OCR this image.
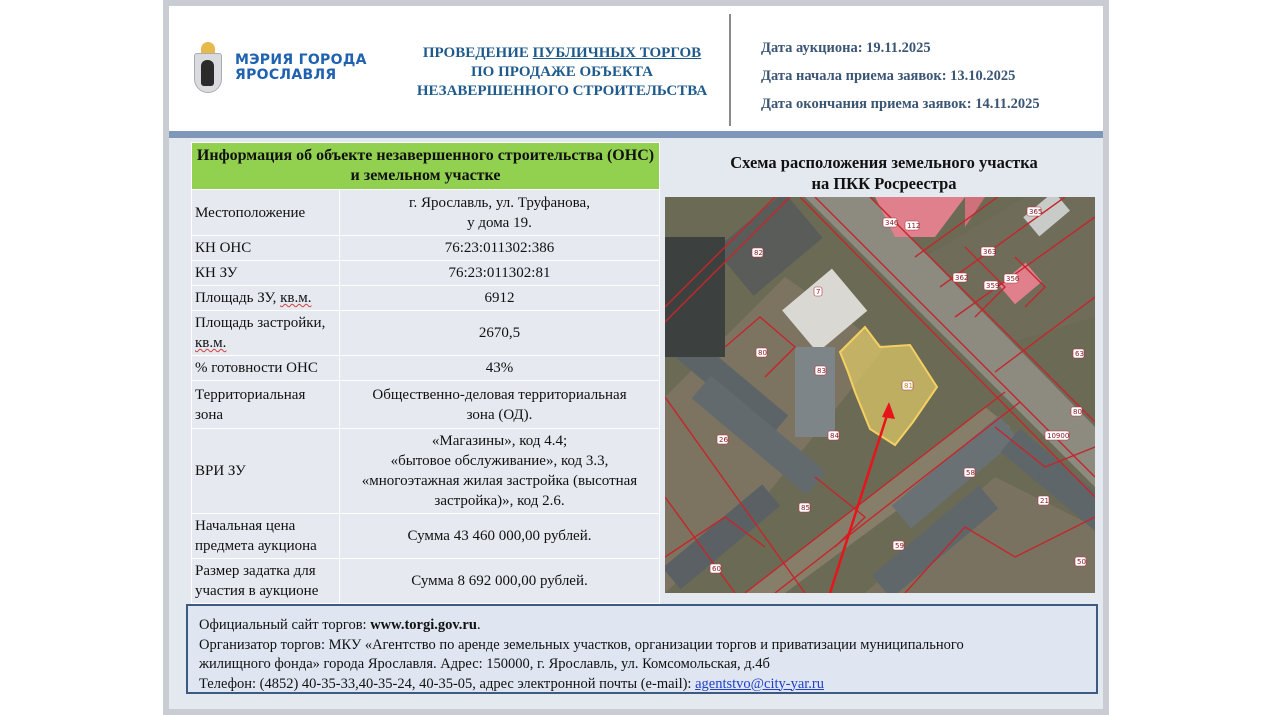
МЭРИЯ ГОРОДА
ЯРОСЛАВЛЯ
ПРОВЕДЕНИЕ ПУБЛИЧНЫХ ТОРГОВ
ПО ПРОДАЖЕ ОБЪЕКТА
НЕЗАВЕРШЕННОГО СТРОИТЕЛЬСТВА
Дата аукциона: 19.11.2025
Дата начала приема заявок: 13.10.2025
Дата окончания приема заявок: 14.11.2025
Информация об объекте незавершенного строительства (ОНС) и земельном участке	
Местоположение	г. Ярославль, ул. Труфанова,
у дома 19.

КН ОНС	76:23:011302:386
КН ЗУ	76:23:011302:81
Площадь ЗУ, кв.м.	6912
Площадь застройки, кв.м.	2670,5
% готовности ОНС	43%
Территориальная зона	Общественно-деловая территориальная
зона (ОД).

ВРИ ЗУ	«Магазины», код 4.4;
«бытовое обслуживание», код 3.3,
«многоэтажная жилая застройка (высотная
застройка)», код 2.6.

Начальная цена предмета аукциона	Сумма 43 460 000,00 рублей.
Размер задатка для участия в аукционе	Сумма 8 692 000,00 рублей.
Схема расположения земельного участка
на ПКК Росреестра
346 112
365
82	363
362
359
356
7
80
83
81
84
26
58
85
59
60
21
80
63
10900
50
Официальный сайт торгов: www.torgi.gov.ru.
Организатор торгов: МКУ «Агентство по аренде земельных участков, организации торгов и приватизации муниципального
жилищного фонда» города Ярославля. Адрес: 150000, г. Ярославль, ул. Комсомольская, д.4б
Телефон: (4852) 40-35-33,40-35-24, 40-35-05, адрес электронной почты (e-mail): agentstvo@city-yar.ru
